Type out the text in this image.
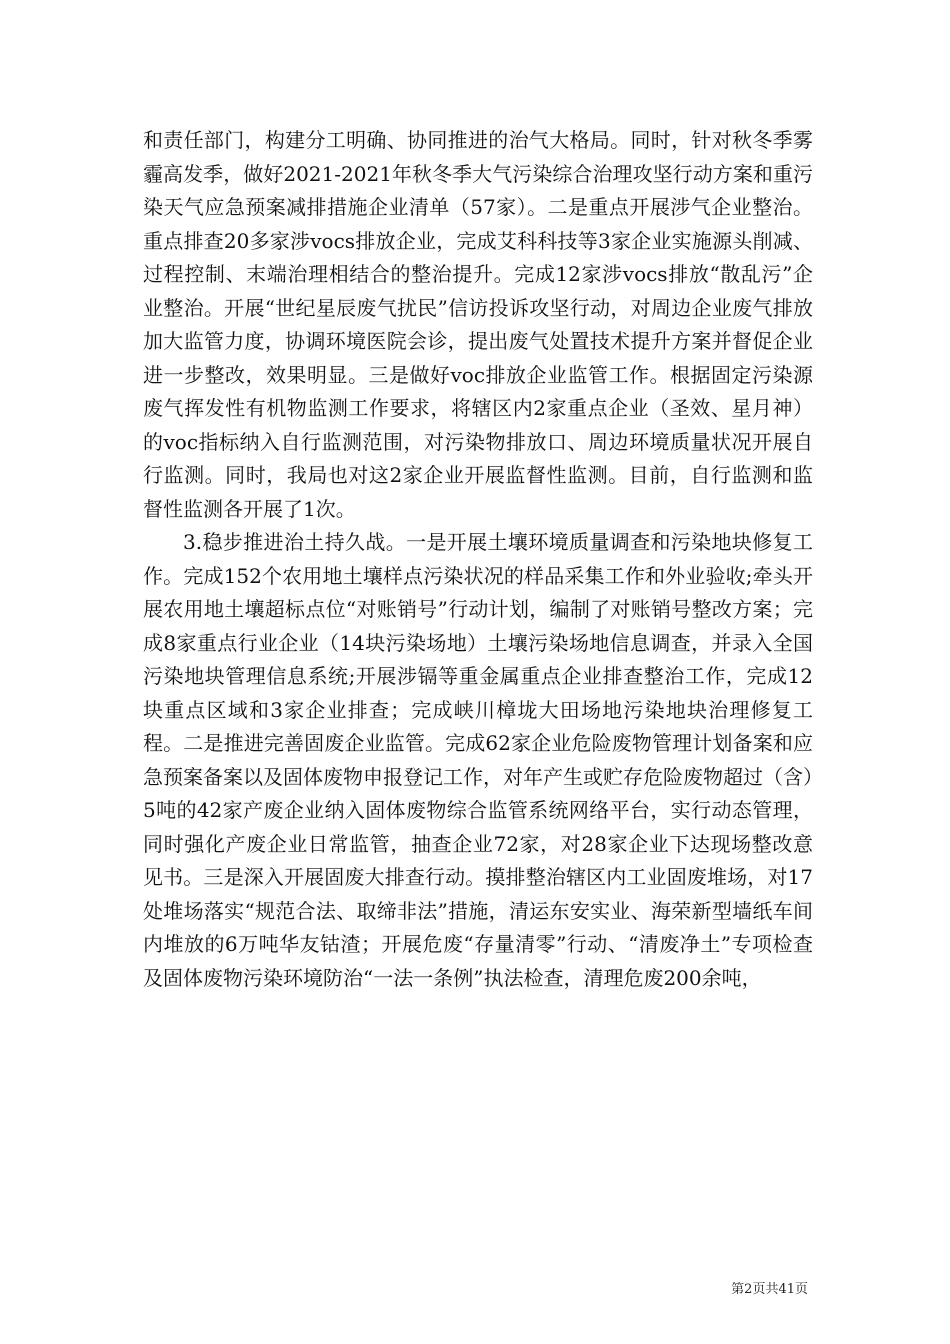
和责任部门，构建分工明确、协同推进的治气大格局。同时，针对秋冬季雾霾高发季，做好2021-2021年秋冬季大气污染综合治理攻坚行动方案和重污染天气应急预案减排措施企业清单（57家）。二是重点开展涉气企业整治。重点排查20多家涉vocs排放企业，完成艾科科技等3家企业实施源头削减、过程控制、末端治理相结合的整治提升。完成12家涉vocs排放“散乱污”企业整治。开展“世纪星辰废气扰民”信访投诉攻坚行动，对周边企业废气排放加大监管力度，协调环境医院会诊，提出废气处置技术提升方案并督促企业进一步整改，效果明显。三是做好voc排放企业监管工作。根据固定污染源废气挥发性有机物监测工作要求，将辖区内2家重点企业（圣效、星月神）的voc指标纳入自行监测范围，对污染物排放口、周边环境质量状况开展自行监测。同时，我局也对这2家企业开展监督性监测。目前，自行监测和监督性监测各开展了1次。

3.稳步推进治土持久战。一是开展土壤环境质量调查和污染地块修复工作。完成152个农用地土壤样点污染状况的样品采集工作和外业验收;牵头开展农用地土壤超标点位“对账销号”行动计划，编制了对账销号整改方案；完成8家重点行业企业（14块污染场地）土壤污染场地信息调查，并录入全国污染地块管理信息系统;开展涉镉等重金属重点企业排查整治工作，完成12块重点区域和3家企业排查；完成峡川樟垅大田场地污染地块治理修复工程。二是推进完善固废企业监管。完成62家企业危险废物管理计划备案和应急预案备案以及固体废物申报登记工作，对年产生或贮存危险废物超过（含）5吨的42家产废企业纳入固体废物综合监管系统网络平台，实行动态管理，同时强化产废企业日常监管，抽查企业72家，对28家企业下达现场整改意见书。三是深入开展固废大排查行动。摸排整治辖区内工业固废堆场，对17处堆场落实“规范合法、取缔非法”措施，清运东安实业、海荣新型墙纸车间内堆放的6万吨华友钴渣；开展危废“存量清零”行动、“清废净土”专项检查及固体废物污染环境防治“一法一条例”执法检查，清理危废200余吨，

第2页共41页
